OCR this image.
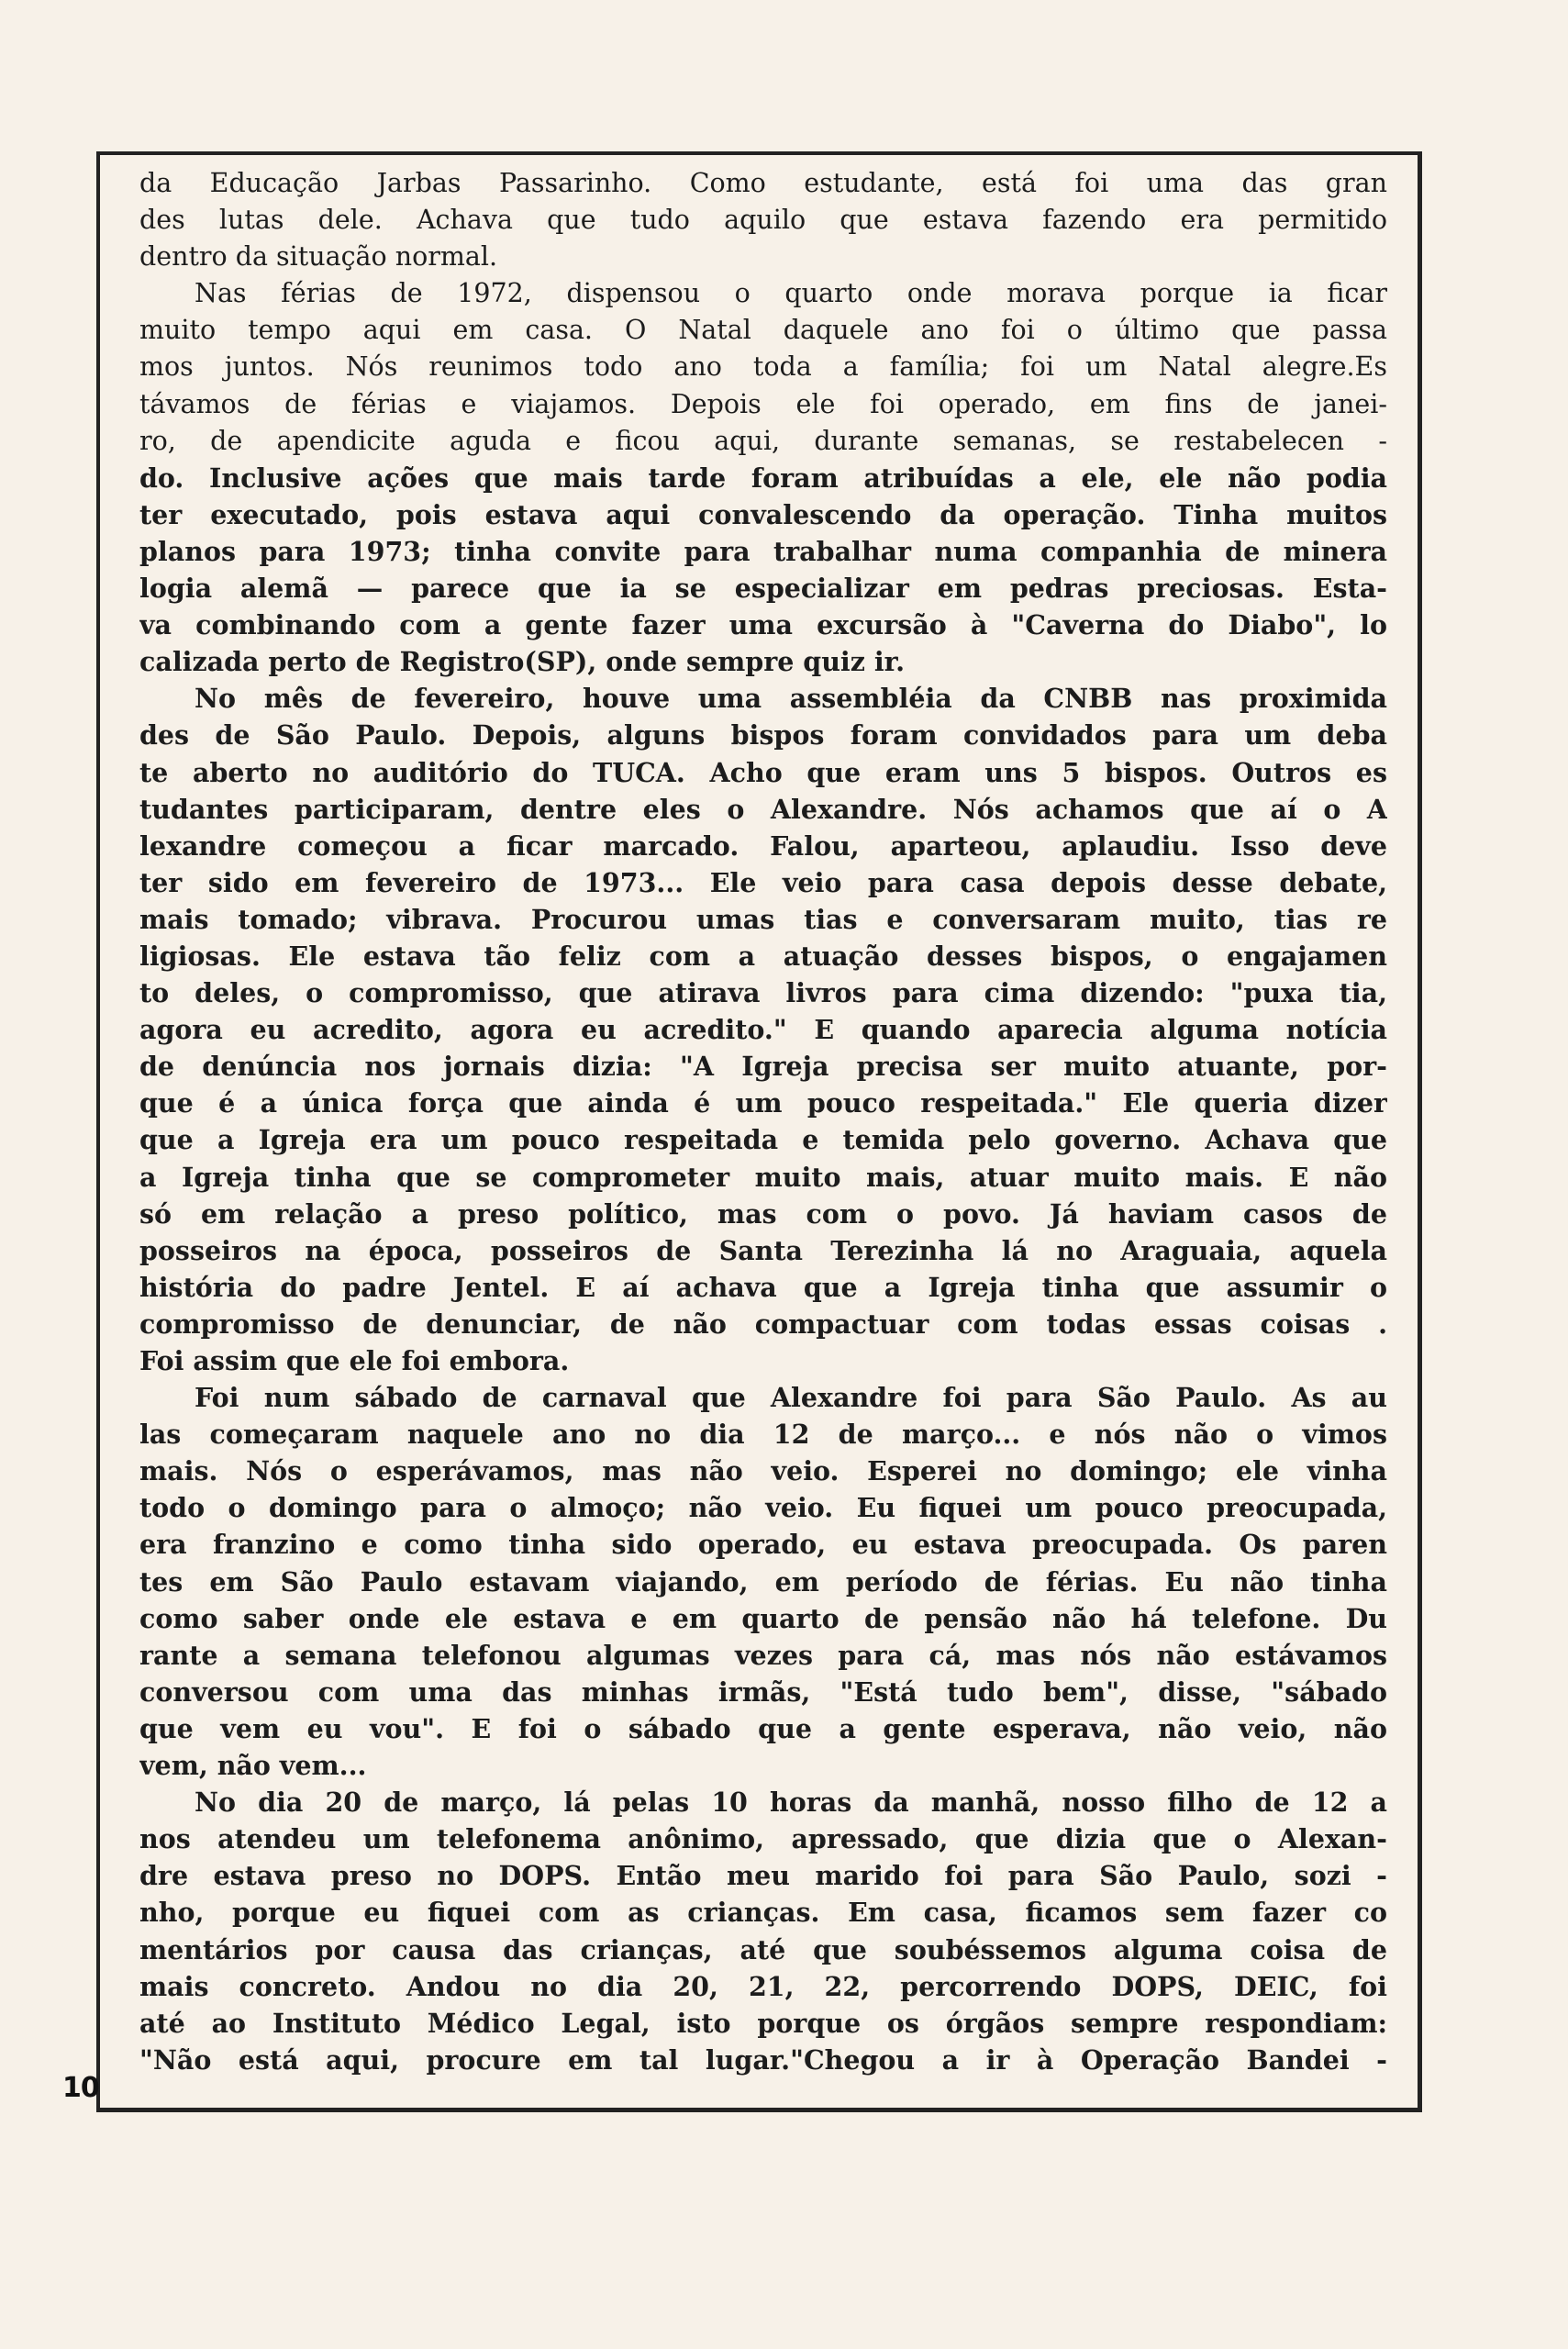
da Educação Jarbas Passarinho. Como estudante, está foi uma das gran
des lutas dele. Achava que tudo aquilo que estava fazendo era permitido
dentro da situação normal.
Nas férias de 1972, dispensou o quarto onde morava porque ia ficar
muito tempo aqui em casa. O Natal daquele ano foi o último que passa
mos juntos. Nós reunimos todo ano toda a família; foi um Natal alegre.Es
távamos de férias e viajamos. Depois ele foi operado, em fins de janei-
ro, de apendicite aguda e ficou aqui, durante semanas, se restabelecen -
do. Inclusive ações que mais tarde foram atribuídas a ele, ele não podia
ter executado, pois estava aqui convalescendo da operação. Tinha muitos
planos para 1973; tinha convite para trabalhar numa companhia de minera
logia alemã — parece que ia se especializar em pedras preciosas. Esta-
va combinando com a gente fazer uma excursão à "Caverna do Diabo", lo
calizada perto de Registro(SP), onde sempre quiz ir.
No mês de fevereiro, houve uma assembléia da CNBB nas proximida
des de São Paulo. Depois, alguns bispos foram convidados para um deba
te aberto no auditório do TUCA. Acho que eram uns 5 bispos. Outros es
tudantes participaram, dentre eles o Alexandre. Nós achamos que aí o A
lexandre começou a ficar marcado. Falou, aparteou, aplaudiu. Isso deve
ter sido em fevereiro de 1973... Ele veio para casa depois desse debate,
mais tomado; vibrava. Procurou umas tias e conversaram muito, tias re
ligiosas. Ele estava tão feliz com a atuação desses bispos, o engajamen
to deles, o compromisso, que atirava livros para cima dizendo: "puxa tia,
agora eu acredito, agora eu acredito." E quando aparecia alguma notícia
de denúncia nos jornais dizia: "A Igreja precisa ser muito atuante, por-
que é a única força que ainda é um pouco respeitada." Ele queria dizer
que a Igreja era um pouco respeitada e temida pelo governo. Achava que
a Igreja tinha que se comprometer muito mais, atuar muito mais. E não
só em relação a preso político, mas com o povo. Já haviam casos de
posseiros na época, posseiros de Santa Terezinha lá no Araguaia, aquela
história do padre Jentel. E aí achava que a Igreja tinha que assumir o
compromisso de denunciar, de não compactuar com todas essas coisas .
Foi assim que ele foi embora.
Foi num sábado de carnaval que Alexandre foi para São Paulo. As au
las começaram naquele ano no dia 12 de março... e nós não o vimos
mais. Nós o esperávamos, mas não veio. Esperei no domingo; ele vinha
todo o domingo para o almoço; não veio. Eu fiquei um pouco preocupada,
era franzino e como tinha sido operado, eu estava preocupada. Os paren
tes em São Paulo estavam viajando, em período de férias. Eu não tinha
como saber onde ele estava e em quarto de pensão não há telefone. Du
rante a semana telefonou algumas vezes para cá, mas nós não estávamos
conversou com uma das minhas irmãs, "Está tudo bem", disse, "sábado
que vem eu vou". E foi o sábado que a gente esperava, não veio, não
vem, não vem...
No dia 20 de março, lá pelas 10 horas da manhã, nosso filho de 12 a
nos atendeu um telefonema anônimo, apressado, que dizia que o Alexan-
dre estava preso no DOPS. Então meu marido foi para São Paulo, sozi -
nho, porque eu fiquei com as crianças. Em casa, ficamos sem fazer co
mentários por causa das crianças, até que soubéssemos alguma coisa de
mais concreto. Andou no dia 20, 21, 22, percorrendo DOPS, DEIC, foi
até ao Instituto Médico Legal, isto porque os órgãos sempre respondiam:
"Não está aqui, procure em tal lugar."Chegou a ir à Operação Bandei -
10
